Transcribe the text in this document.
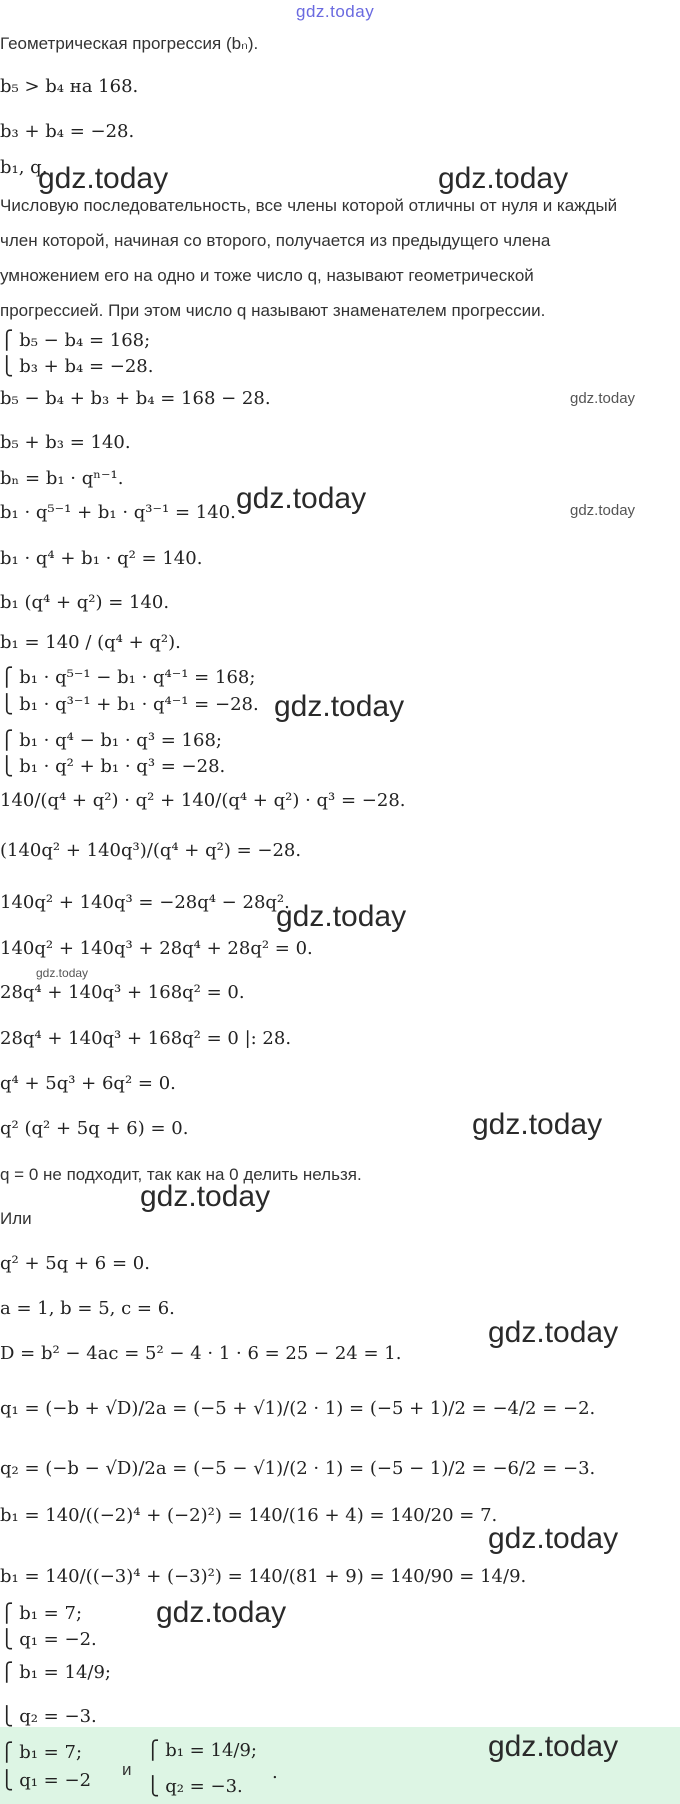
gdz.today
Геометрическая прогрессия (bₙ).
b₅ > b₄ на 168.
b₃ + b₄ = −28.
b₁, q.
Числовую последовательность, все члены которой отличны от нуля и каждый
член которой, начиная со второго, получается из предыдущего члена
умножением его на одно и тоже число q, называют геометрической
прогрессией. При этом число q называют знаменателем прогрессии.
⎧ b₅ − b₄ = 168;
⎩ b₃ + b₄ = −28.
b₅ − b₄ + b₃ + b₄ = 168 − 28.
b₅ + b₃ = 140.
bₙ = b₁ · qⁿ⁻¹.
b₁ · q⁵⁻¹ + b₁ · q³⁻¹ = 140.
b₁ · q⁴ + b₁ · q² = 140.
b₁ (q⁴ + q²) = 140.
b₁ = 140 / (q⁴ + q²).
⎧ b₁ · q⁵⁻¹ − b₁ · q⁴⁻¹ = 168;
⎩ b₁ · q³⁻¹ + b₁ · q⁴⁻¹ = −28.
⎧ b₁ · q⁴ − b₁ · q³ = 168;
⎩ b₁ · q² + b₁ · q³ = −28.
140/(q⁴ + q²) · q² + 140/(q⁴ + q²) · q³ = −28.
(140q² + 140q³)/(q⁴ + q²) = −28.
140q² + 140q³ = −28q⁴ − 28q².
140q² + 140q³ + 28q⁴ + 28q² = 0.
28q⁴ + 140q³ + 168q² = 0.
28q⁴ + 140q³ + 168q² = 0 |: 28.
q⁴ + 5q³ + 6q² = 0.
q² (q² + 5q + 6) = 0.
q = 0 не подходит, так как на 0 делить нельзя.
Или
q² + 5q + 6 = 0.
a = 1, b = 5, c = 6.
D = b² − 4ac = 5² − 4 · 1 · 6 = 25 − 24 = 1.
q₁ = (−b + √D)/2a = (−5 + √1)/(2 · 1) = (−5 + 1)/2 = −4/2 = −2.
q₂ = (−b − √D)/2a = (−5 − √1)/(2 · 1) = (−5 − 1)/2 = −6/2 = −3.
b₁ = 140/((−2)⁴ + (−2)²) = 140/(16 + 4) = 140/20 = 7.
b₁ = 140/((−3)⁴ + (−3)²) = 140/(81 + 9) = 140/90 = 14/9.
⎧ b₁ = 7;
⎩ q₁ = −2.
⎧ b₁ = 14/9;
⎩ q₂ = −3.
⎧ b₁ = 7;
⎩ q₁ = −2
и
⎧ b₁ = 14/9;
⎩ q₂ = −3.
.
gdz.today	gdz.today
gdz.today
gdz.today	gdz.today
gdz.today
gdz.today
gdz.today
gdz.today
gdz.today
gdz.today
gdz.today
gdz.today
gdz.today
